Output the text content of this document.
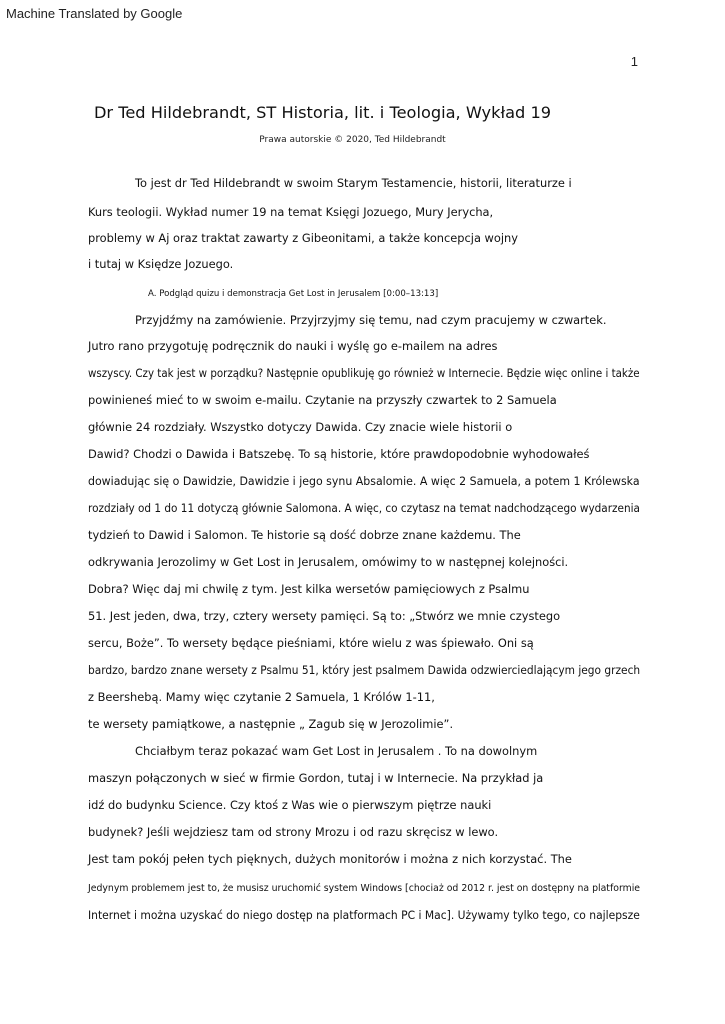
Machine Translated by Google
1
Dr Ted Hildebrandt, ST Historia, lit. i Teologia, Wykład 19
Prawa autorskie © 2020, Ted Hildebrandt
To jest dr Ted Hildebrandt w swoim Starym Testamencie, historii, literaturze i
Kurs teologii. Wykład numer 19 na temat Księgi Jozuego, Mury Jerycha,
problemy w Aj oraz traktat zawarty z Gibeonitami, a także koncepcja wojny
i tutaj w Księdze Jozuego.
A. Podgląd quizu i demonstracja Get Lost in Jerusalem [0:00–13:13]
Przyjdźmy na zamówienie. Przyjrzyjmy się temu, nad czym pracujemy w czwartek.
Jutro rano przygotuję podręcznik do nauki i wyślę go e-mailem na adres
wszyscy. Czy tak jest w porządku? Następnie opublikuję go również w Internecie. Będzie więc online i także
powinieneś mieć to w swoim e-mailu. Czytanie na przyszły czwartek to 2 Samuela
głównie 24 rozdziały. Wszystko dotyczy Dawida. Czy znacie wiele historii o
Dawid? Chodzi o Dawida i Batszebę. To są historie, które prawdopodobnie wyhodowałeś
dowiadując się o Dawidzie, Dawidzie i jego synu Absalomie. A więc 2 Samuela, a potem 1 Królewska
rozdziały od 1 do 11 dotyczą głównie Salomona. A więc, co czytasz na temat nadchodzącego wydarzenia
tydzień to Dawid i Salomon. Te historie są dość dobrze znane każdemu. The
odkrywania Jerozolimy w Get Lost in Jerusalem, omówimy to w następnej kolejności.
Dobra? Więc daj mi chwilę z tym. Jest kilka wersetów pamięciowych z Psalmu
51. Jest jeden, dwa, trzy, cztery wersety pamięci. Są to: „Stwórz we mnie czystego
sercu, Boże”. To wersety będące pieśniami, które wielu z was śpiewało. Oni są
bardzo, bardzo znane wersety z Psalmu 51, który jest psalmem Dawida odzwierciedlającym jego grzech
z Beershebą. Mamy więc czytanie 2 Samuela, 1 Królów 1-11,
te wersety pamiątkowe, a następnie „ Zagub się w Jerozolimie”.
Chciałbym teraz pokazać wam Get Lost in Jerusalem . To na dowolnym
maszyn połączonych w sieć w firmie Gordon, tutaj i w Internecie. Na przykład ja
idź do budynku Science. Czy ktoś z Was wie o pierwszym piętrze nauki
budynek? Jeśli wejdziesz tam od strony Mrozu i od razu skręcisz w lewo.
Jest tam pokój pełen tych pięknych, dużych monitorów i można z nich korzystać. The
Jedynym problemem jest to, że musisz uruchomić system Windows [chociaż od 2012 r. jest on dostępny na platformie
Internet i można uzyskać do niego dostęp na platformach PC i Mac]. Używamy tylko tego, co najlepsze
